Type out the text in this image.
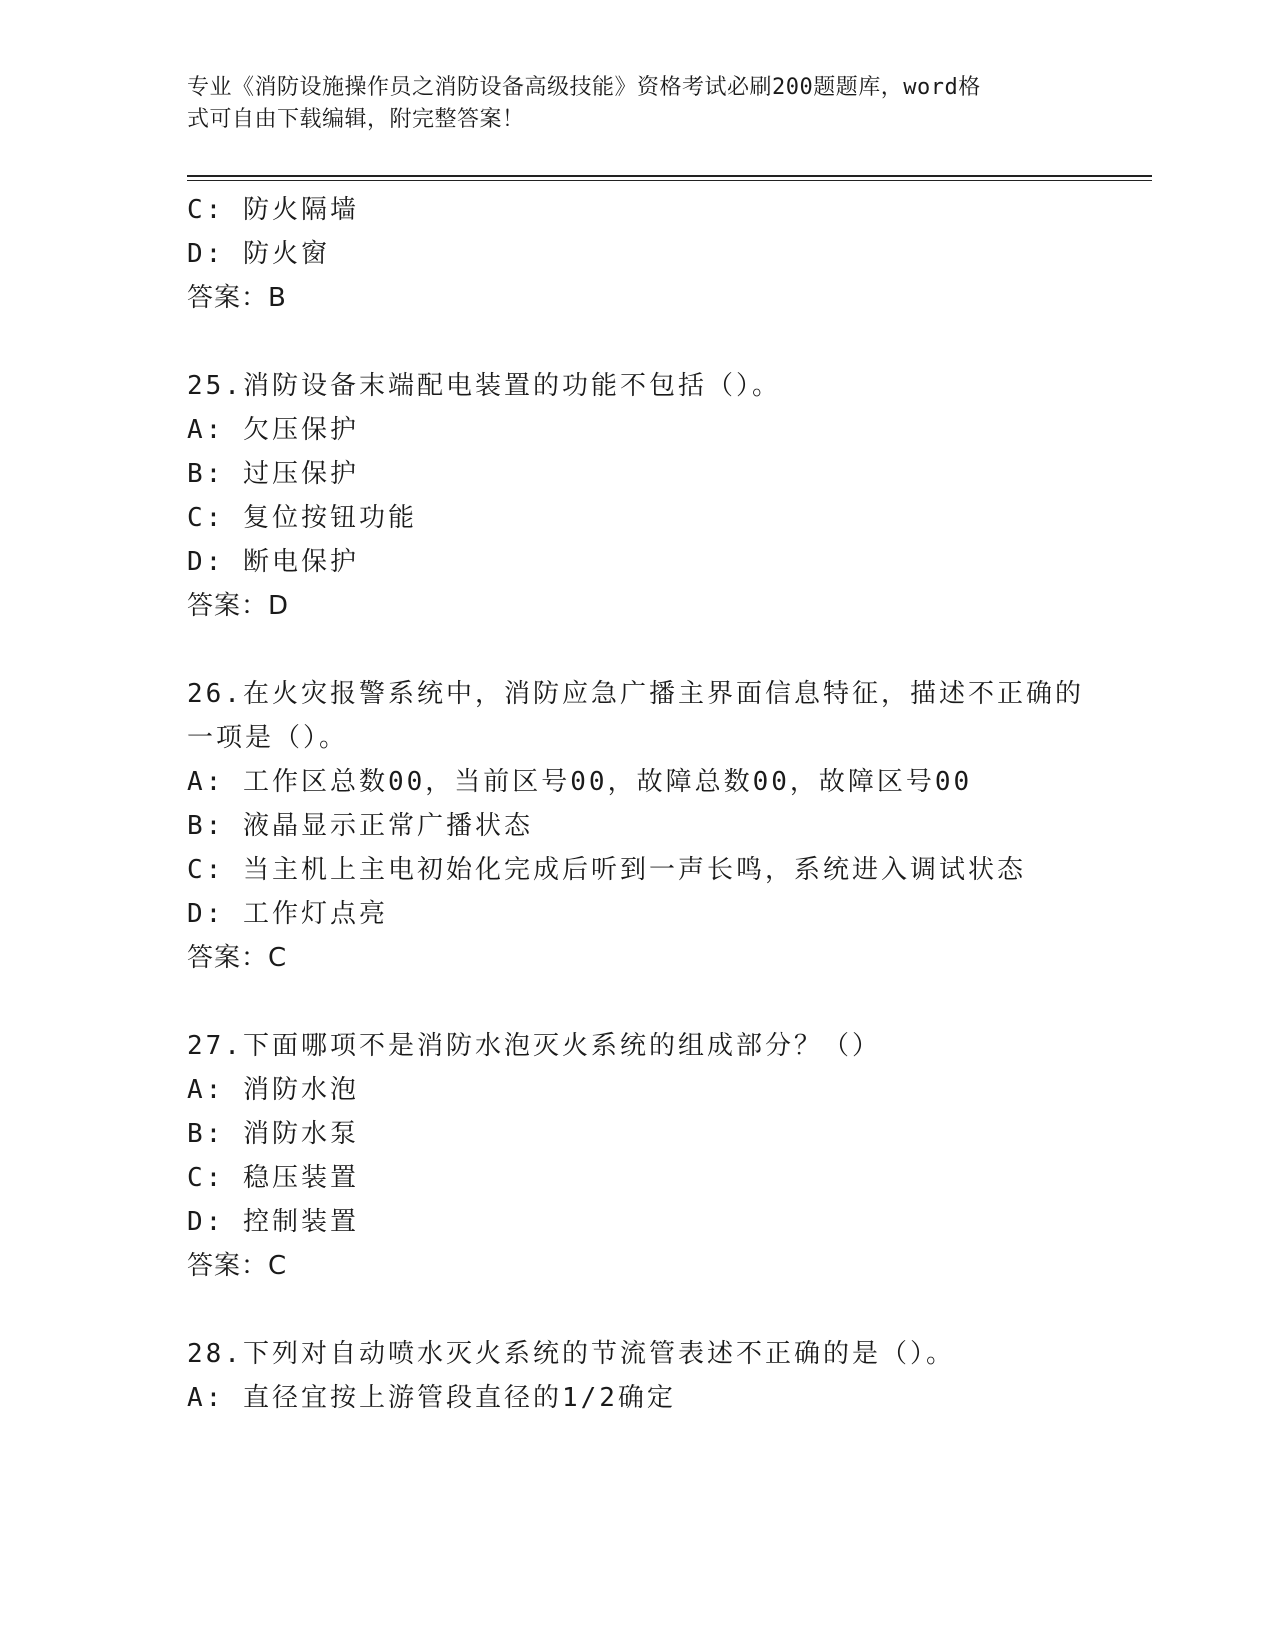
专业《消防设施操作员之消防设备高级技能》资格考试必刷200题题库，word格
式可自由下载编辑，附完整答案！
C: 防火隔墙
D: 防火窗
答案：B
25.消防设备末端配电装置的功能不包括（）。
A: 欠压保护
B: 过压保护
C: 复位按钮功能
D: 断电保护
答案：D
26.在火灾报警系统中，消防应急广播主界面信息特征，描述不正确的
一项是（）。
A: 工作区总数00，当前区号00，故障总数00，故障区号00
B: 液晶显示正常广播状态
C: 当主机上主电初始化完成后听到一声长鸣，系统进入调试状态
D: 工作灯点亮
答案：C
27.下面哪项不是消防水泡灭火系统的组成部分？（）
A: 消防水泡
B: 消防水泵
C: 稳压装置
D: 控制装置
答案：C
28.下列对自动喷水灭火系统的节流管表述不正确的是（）。
A: 直径宜按上游管段直径的1/2确定
